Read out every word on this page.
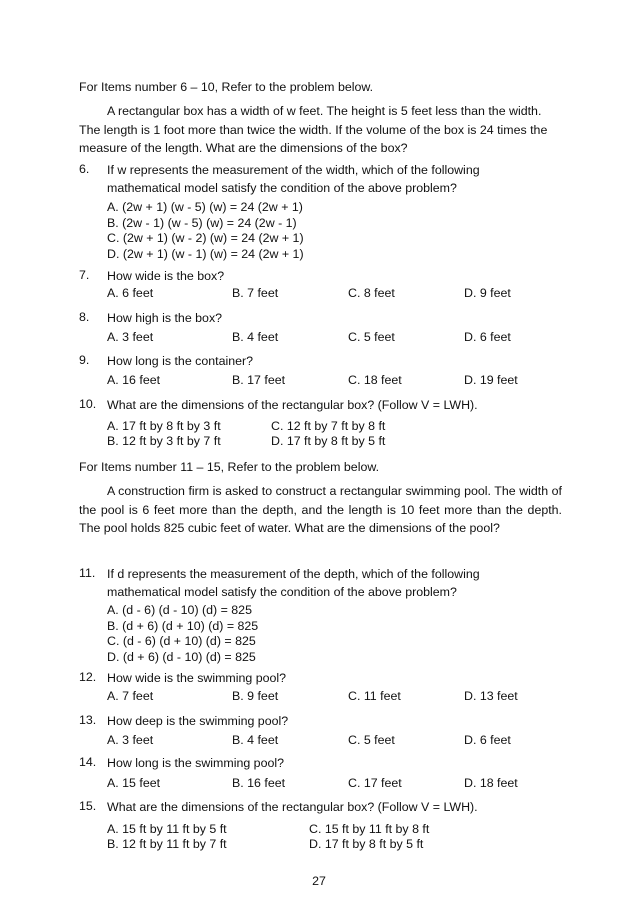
For Items number 6 – 10, Refer to the problem below.
A rectangular box has a width of w feet. The height is 5 feet less than the width. The length is 1 foot more than twice the width. If the volume of the box is 24 times the measure of the length. What are the dimensions of the box?
6. If w represents the measurement of the width, which of the following mathematical model satisfy the condition of the above problem?
A. (2w + 1) (w - 5) (w) = 24 (2w + 1)
B. (2w - 1) (w - 5) (w) = 24 (2w - 1)
C. (2w + 1) (w - 2) (w) = 24 (2w + 1)
D. (2w + 1) (w - 1) (w) = 24 (2w + 1)
7. How wide is the box?
A. 6 feet	B. 7 feet	C. 8 feet	D. 9 feet
8. How high is the box?
A. 3 feet	B. 4 feet	C. 5 feet	D. 6 feet
9. How long is the container?
A. 16 feet	B. 17 feet	C. 18 feet	D. 19 feet
10. What are the dimensions of the rectangular box? (Follow V = LWH).
A. 17 ft by 8 ft by 3 ft	C. 12 ft by 7 ft by 8 ft
B. 12 ft by 3 ft by 7 ft	D. 17 ft by 8 ft by 5 ft
For Items number 11 – 15, Refer to the problem below.
A construction firm is asked to construct a rectangular swimming pool. The width of the pool is 6 feet more than the depth, and the length is 10 feet more than the depth. The pool holds 825 cubic feet of water. What are the dimensions of the pool?
11. If d represents the measurement of the depth, which of the following mathematical model satisfy the condition of the above problem?
A. (d - 6) (d - 10) (d) = 825
B. (d + 6) (d + 10) (d) = 825
C. (d - 6) (d + 10) (d) = 825
D. (d + 6) (d - 10) (d) = 825
12. How wide is the swimming pool?
A. 7 feet	B. 9 feet	C. 11 feet	D. 13 feet
13. How deep is the swimming pool?
A. 3 feet	B. 4 feet	C. 5 feet	D. 6 feet
14. How long is the swimming pool?
A. 15 feet	B. 16 feet	C. 17 feet	D. 18 feet
15. What are the dimensions of the rectangular box? (Follow V = LWH).
A. 15 ft by 11 ft by 5 ft	C. 15 ft by 11 ft by 8 ft
B. 12 ft by 11 ft by 7 ft	D. 17 ft by 8 ft by 5 ft
27
